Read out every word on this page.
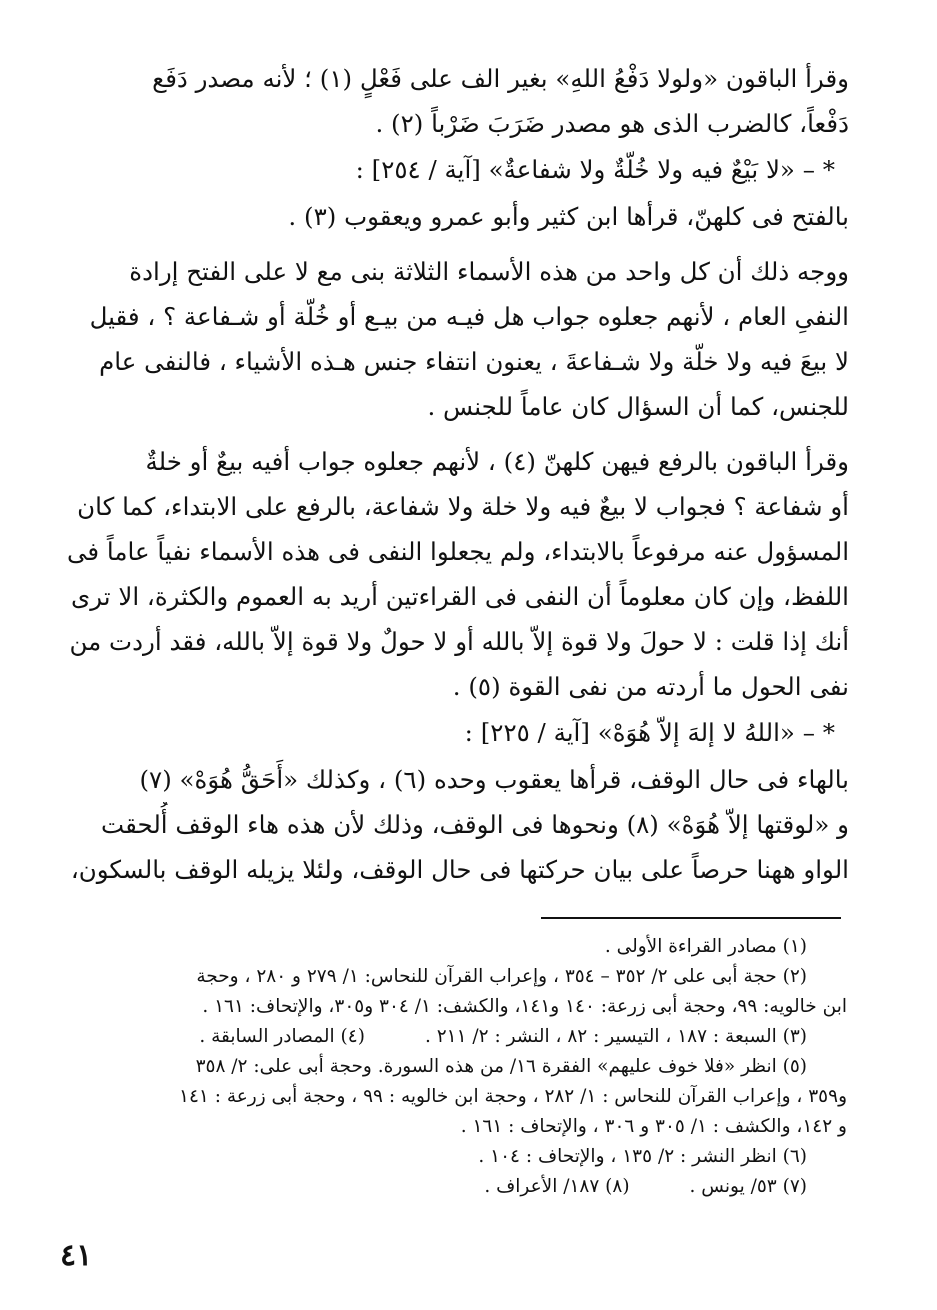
وقرأ الباقون «ولولا دَفْعُ اللهِ» بغير الف على فَعْلٍ (١) ؛ لأنه مصدر دَفَع
دَفْعاً، كالضرب الذى هو مصدر ضَرَبَ ضَرْباً (٢) .
* – «لا بَيْعٌ فيه ولا خُلّةٌ ولا شفاعةٌ» [آية / ٢٥٤] :
بالفتح فى كلهنّ، قرأها ابن كثير وأبو عمرو ويعقوب (٣) .
ووجه ذلك أن كل واحد من هذه الأسماء الثلاثة بنى مع لا على الفتح إرادة
النفىِ العام ، لأنهم جعلوه جواب هل فيـه من بيـع أو خُلّة أو شـفاعة ؟ ، فقيل
لا بيعَ فيه ولا خلّة ولا شـفاعةَ ، يعنون انتفاء جنس هـذه الأشياء ، فالنفى عام
للجنس، كما أن السؤال كان عاماً للجنس .
وقرأ الباقون بالرفع فيهن كلهنّ (٤) ، لأنهم جعلوه جواب أفيه بيعٌ أو خلةٌ
أو شفاعة ؟ فجواب لا بيعٌ فيه ولا خلة ولا شفاعة، بالرفع على الابتداء، كما كان
المسؤول عنه مرفوعاً بالابتداء، ولم يجعلوا النفى فى هذه الأسماء نفياً عاماً فى
اللفظ، وإن كان معلوماً أن النفى فى القراءتين أريد به العموم والكثرة، الا ترى
أنك إذا قلت : لا حولَ ولا قوة إلاّ بالله أو لا حولٌ ولا قوة إلاّ بالله، فقد أردت من
نفى الحول ما أردته من نفى القوة (٥) .
* – «اللهُ لا إلهَ إلاّ هُوَهْ» [آية / ٢٢٥] :
بالهاء فى حال الوقف، قرأها يعقوب وحده (٦) ، وكذلك «أَحَقُّ هُوَهْ» (٧)
و «لوقتها إلاّ هُوَهْ» (٨) ونحوها فى الوقف، وذلك لأن هذه هاء الوقف أُلحقت
الواو ههنا حرصاً على بيان حركتها فى حال الوقف، ولئلا يزيله الوقف بالسكون،
(١) مصادر القراءة الأولى .
(٢) حجة أبى على ٢/ ٣٥٢ – ٣٥٤ ، وإعراب القرآن للنحاس: ١/ ٢٧٩ و ٢٨٠ ، وحجة
ابن خالويه: ٩٩، وحجة أبى زرعة: ١٤٠ و١٤١، والكشف: ١/ ٣٠٤ و٣٠٥، والإتحاف: ١٦١ .
(٣) السبعة : ١٨٧ ، التيسير : ٨٢ ، النشر : ٢/ ٢١١ .
(٤) المصادر السابقة .
(٥) انظر «فلا خوف عليهم» الفقرة ١٦/ من هذه السورة. وحجة أبى على: ٢/ ٣٥٨
و٣٥٩ ، وإعراب القرآن للنحاس : ١/ ٢٨٢ ، وحجة ابن خالويه : ٩٩ ، وحجة أبى زرعة : ١٤١
و ١٤٢، والكشف : ١/ ٣٠٥ و ٣٠٦ ، والإتحاف : ١٦١ .
(٦) انظر النشر : ٢/ ١٣٥ ، والإتحاف : ١٠٤ .
(٧) ٥٣/ يونس .
(٨) ١٨٧/ الأعراف .
٤١
